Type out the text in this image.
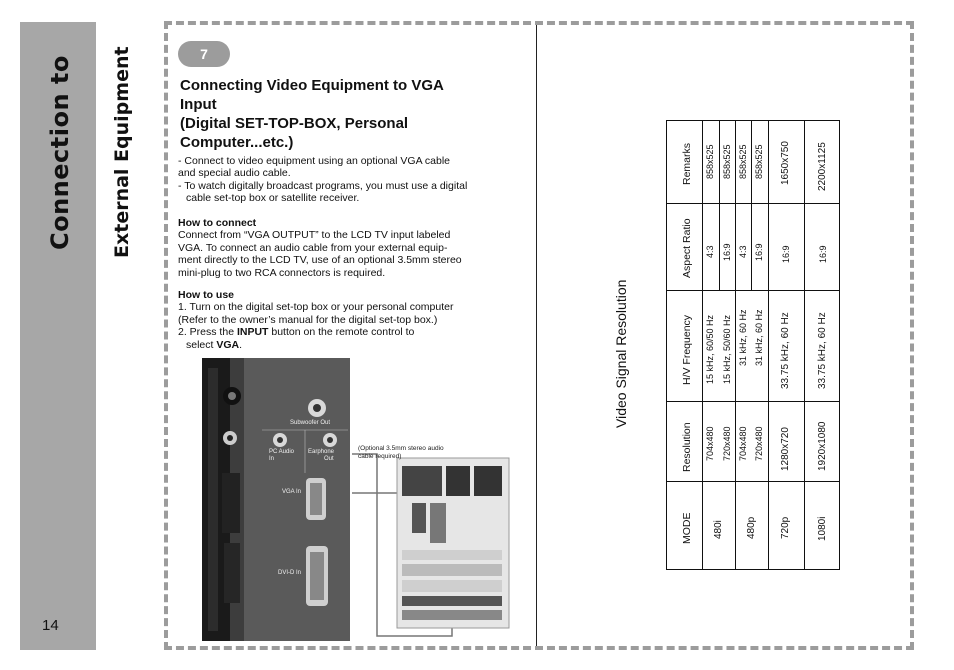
Connection to External Equipment
14
7
Connecting Video Equipment to VGA
Input
(Digital SET-TOP-BOX, Personal
Computer...etc.)
- Connect to video equipment using an optional VGA cable
and special audio cable.
- To watch digitally broadcast programs, you must use a digital
cable set-top box or satellite receiver.
How to connect
Connect from “VGA OUTPUT” to the LCD TV input labeled
VGA. To connect an audio cable from your external equip-
ment directly to the LCD TV, use of an optional 3.5mm stereo
mini-plug to two RCA connectors is required.
How to use
1. Turn on the digital set-top box or your personal computer
(Refer to the owner’s manual for the digital set-top box.)
2. Press the INPUT button on the remote control to
select VGA.
Subwoofer Out
PC Audio
In
Earphone
Out
(Optional 3.5mm stereo audio
cable required)
VGA In
DVI-D In
Video Signal Resolution
Remarks
Aspect Ratio
H/V Frequency
Resolution
MODE
858x525
4:3
15 kHz, 60/50 Hz
704x480
858x525
16:9
15 kHz, 50/60 Hz
720x480
480i
858x525
4:3
31 kHz, 60 Hz
704x480
858x525
16:9
31 kHz, 60 Hz
720x480
480p
1650x750
16:9
33.75 kHz, 60 Hz
1280x720
720p
2200x1125
16:9
33.75 kHz, 60 Hz
1920x1080
1080i
